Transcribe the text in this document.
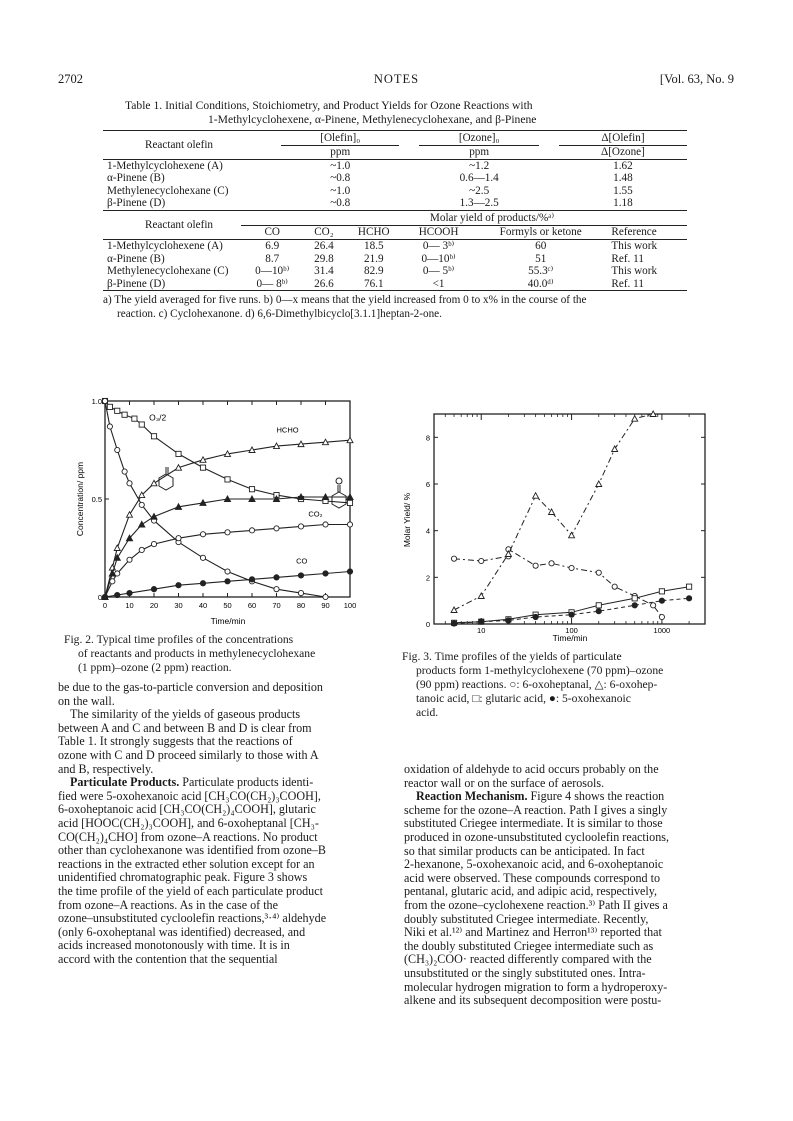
2702	NOTES	[Vol. 63, No. 9
Table 1. Initial Conditions, Stoichiometry, and Product Yields for Ozone Reactions with
1-Methylcyclohexene, α-Pinene, Methylenecyclohexane, and β-Pinene
	[Olefin]₀		[Ozone]₀		Δ[Olefin]
Reactant olefin	ppm		ppm		Δ[Ozone]
1-Methylcyclohexene (A)	~1.0		~1.2		1.62
α-Pinene (B)	~0.8		0.6—1.4		1.48
Methylenecyclohexane (C)	~1.0		~2.5		1.55
β-Pinene (D)	~0.8		1.3—2.5		1.18
	Molar yield of products/%ᵃ⁾					
Reactant olefin	CO	CO₂	HCHO	HCOOH	Formyls or ketone	Reference
1-Methylcyclohexene (A)	6.9	26.4	18.5	0— 3ᵇ⁾	60	This work
α-Pinene (B)	8.7	29.8	21.9	0—10ᵇ⁾	51	Ref. 11
Methylenecyclohexane (C)	0—10ᵇ⁾	31.4	82.9	0— 5ᵇ⁾	55.3ᶜ⁾	This work
β-Pinene (D)	0— 8ᵇ⁾	26.6	76.1	<1	40.0ᵈ⁾	Ref. 11

a) The yield averaged for five runs. b) 0—x means that the yield increased from 0 to x% in the course of the
reaction. c) Cyclohexanone. d) 6,6-Dimethylbicyclo[3.1.1]heptan-2-one.
0 10 20 30 40 50 60 70 80 90 100
0
0.5
1.0
Time/min
Concentration/ ppm
O₃/2
HCHO
CO₂
CO
Fig. 2. Typical time profiles of the concentrations
of reactants and products in methylenecyclohexane
(1 ppm)–ozone (2 ppm) reaction.
10	100	1000
0
2
4
6
8
Time/min
Molar Yield/ %
Fig. 3. Time profiles of the yields of particulate
products form 1-methylcyclohexene (70 ppm)–ozone
(90 ppm) reactions. ○: 6-oxoheptanal, △: 6-oxohep-
tanoic acid, □: glutaric acid, ●: 5-oxohexanoic
acid.

be due to the gas-to-particle conversion and deposition

on the wall.

The similarity of the yields of gaseous products

between A and C and between B and D is clear from

Table 1. It strongly suggests that the reactions of

ozone with C and D proceed similarly to those with A

and B, respectively.

Particulate Products. Particulate products identi-

fied were 5-oxohexanoic acid [CH₃CO(CH₂)₃COOH],

6-oxoheptanoic acid [CH₃CO(CH₂)₄COOH], glutaric

acid [HOOC(CH₂)₃COOH], and 6-oxoheptanal [CH₃-

CO(CH₂)₄CHO] from ozone–A reactions. No product

other than cyclohexanone was identified from ozone–B

reactions in the extracted ether solution except for an

unidentified chromatographic peak. Figure 3 shows

the time profile of the yield of each particulate product

from ozone–A reactions. As in the case of the

ozone–unsubstituted cycloolefin reactions,³·⁴⁾ aldehyde

(only 6-oxoheptanal was identified) decreased, and

acids increased monotonously with time. It is in

accord with the contention that the sequential

oxidation of aldehyde to acid occurs probably on the

reactor wall or on the surface of aerosols.

Reaction Mechanism. Figure 4 shows the reaction

scheme for the ozone–A reaction. Path I gives a singly

substituted Criegee intermediate. It is similar to those

produced in ozone-unsubstituted cycloolefin reactions,

so that similar products can be anticipated. In fact

2-hexanone, 5-oxohexanoic acid, and 6-oxoheptanoic

acid were observed. These compounds correspond to

pentanal, glutaric acid, and adipic acid, respectively,

from the ozone–cyclohexene reaction.³⁾ Path II gives a

doubly substituted Criegee intermediate. Recently,

Niki et al.¹²⁾ and Martinez and Herron¹³⁾ reported that

the doubly substituted Criegee intermediate such as

(CH₃)₂COO· reacted differently compared with the

unsubstituted or the singly substituted ones. Intra-

molecular hydrogen migration to form a hydroperoxy-

alkene and its subsequent decomposition were postu-
